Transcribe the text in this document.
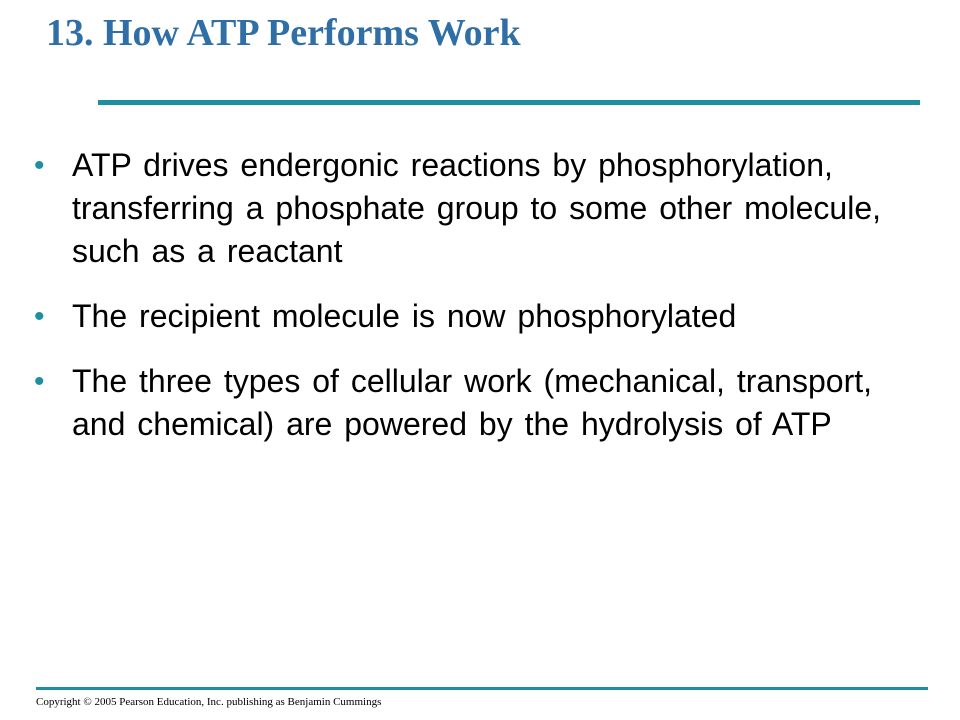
13. How ATP Performs Work
• ATP drives endergonic reactions by phosphorylation, transferring a phosphate group to some other molecule, such as a reactant
• The recipient molecule is now phosphorylated
• The three types of cellular work (mechanical, transport, and chemical) are powered by the hydrolysis of ATP
Copyright © 2005 Pearson Education, Inc. publishing as Benjamin Cummings
